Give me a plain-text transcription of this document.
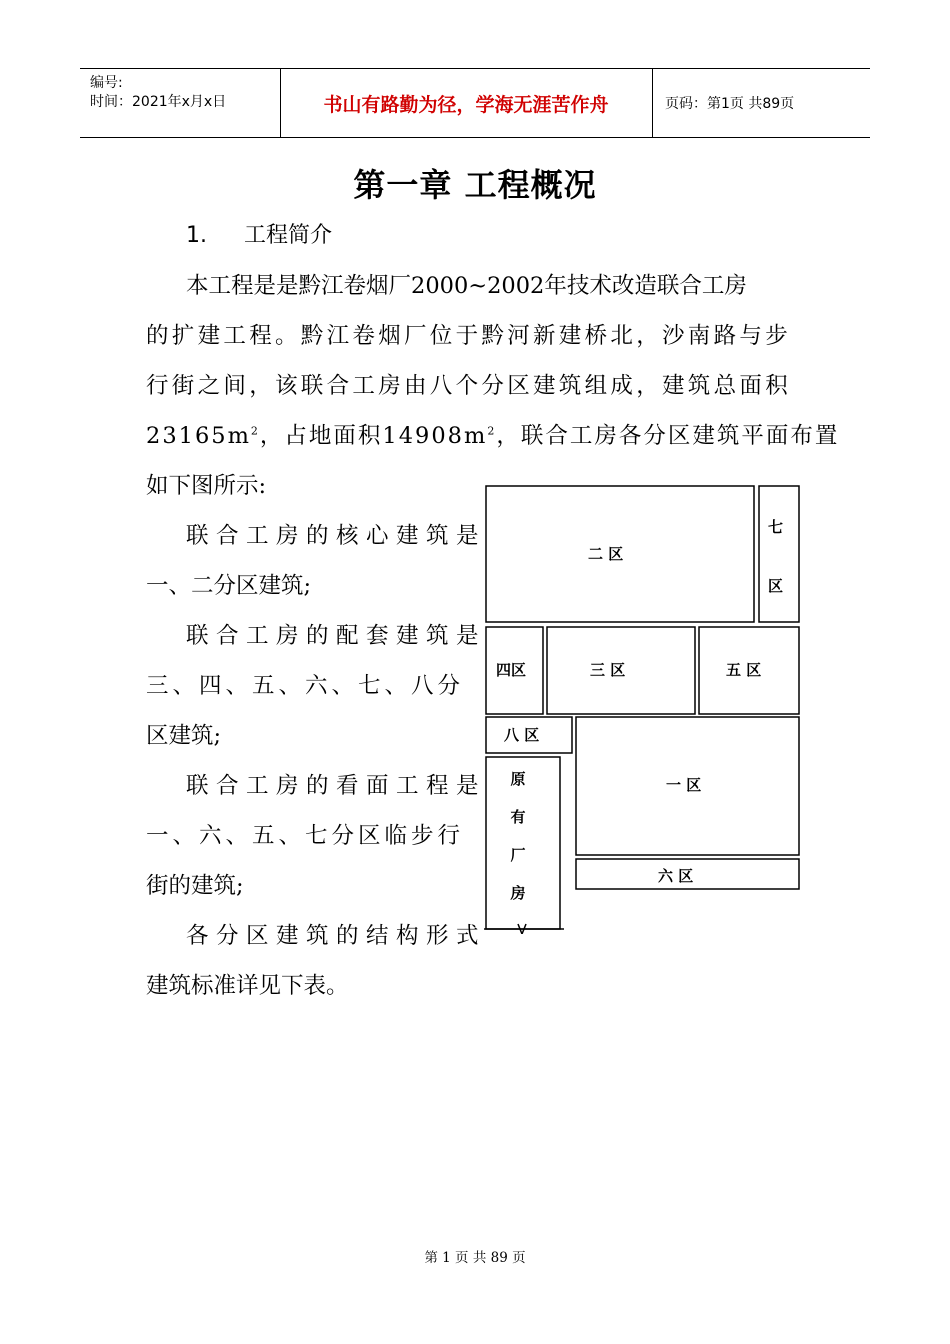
编号:
时间：2021年x月x日	书山有路勤为径，学海无涯苦作舟	页码：第1页 共89页
第一章 工程概况
1. 工程简介
本工程是是黔江卷烟厂2000~2002年技术改造联合工房
的扩建工程。黔江卷烟厂位于黔河新建桥北，沙南路与步
行街之间，该联合工房由八个分区建筑组成，建筑总面积
$23165m^2$，占地面积$14908m^2$，联合工房各分区建筑平面布置
如下图所示:
联合工房的核心建筑是
一、二分区建筑;
联合工房的配套建筑是
三、四、五、六、七、八分
区建筑;
联合工房的看面工程是
一、六、五、七分区临步行
街的建筑;
各分区建筑的结构形式
建筑标准详见下表。
二 区
七
区
四区	三 区	五 区
八 区
一 区
六 区
原
有
厂
房
第 1 页 共 89 页
